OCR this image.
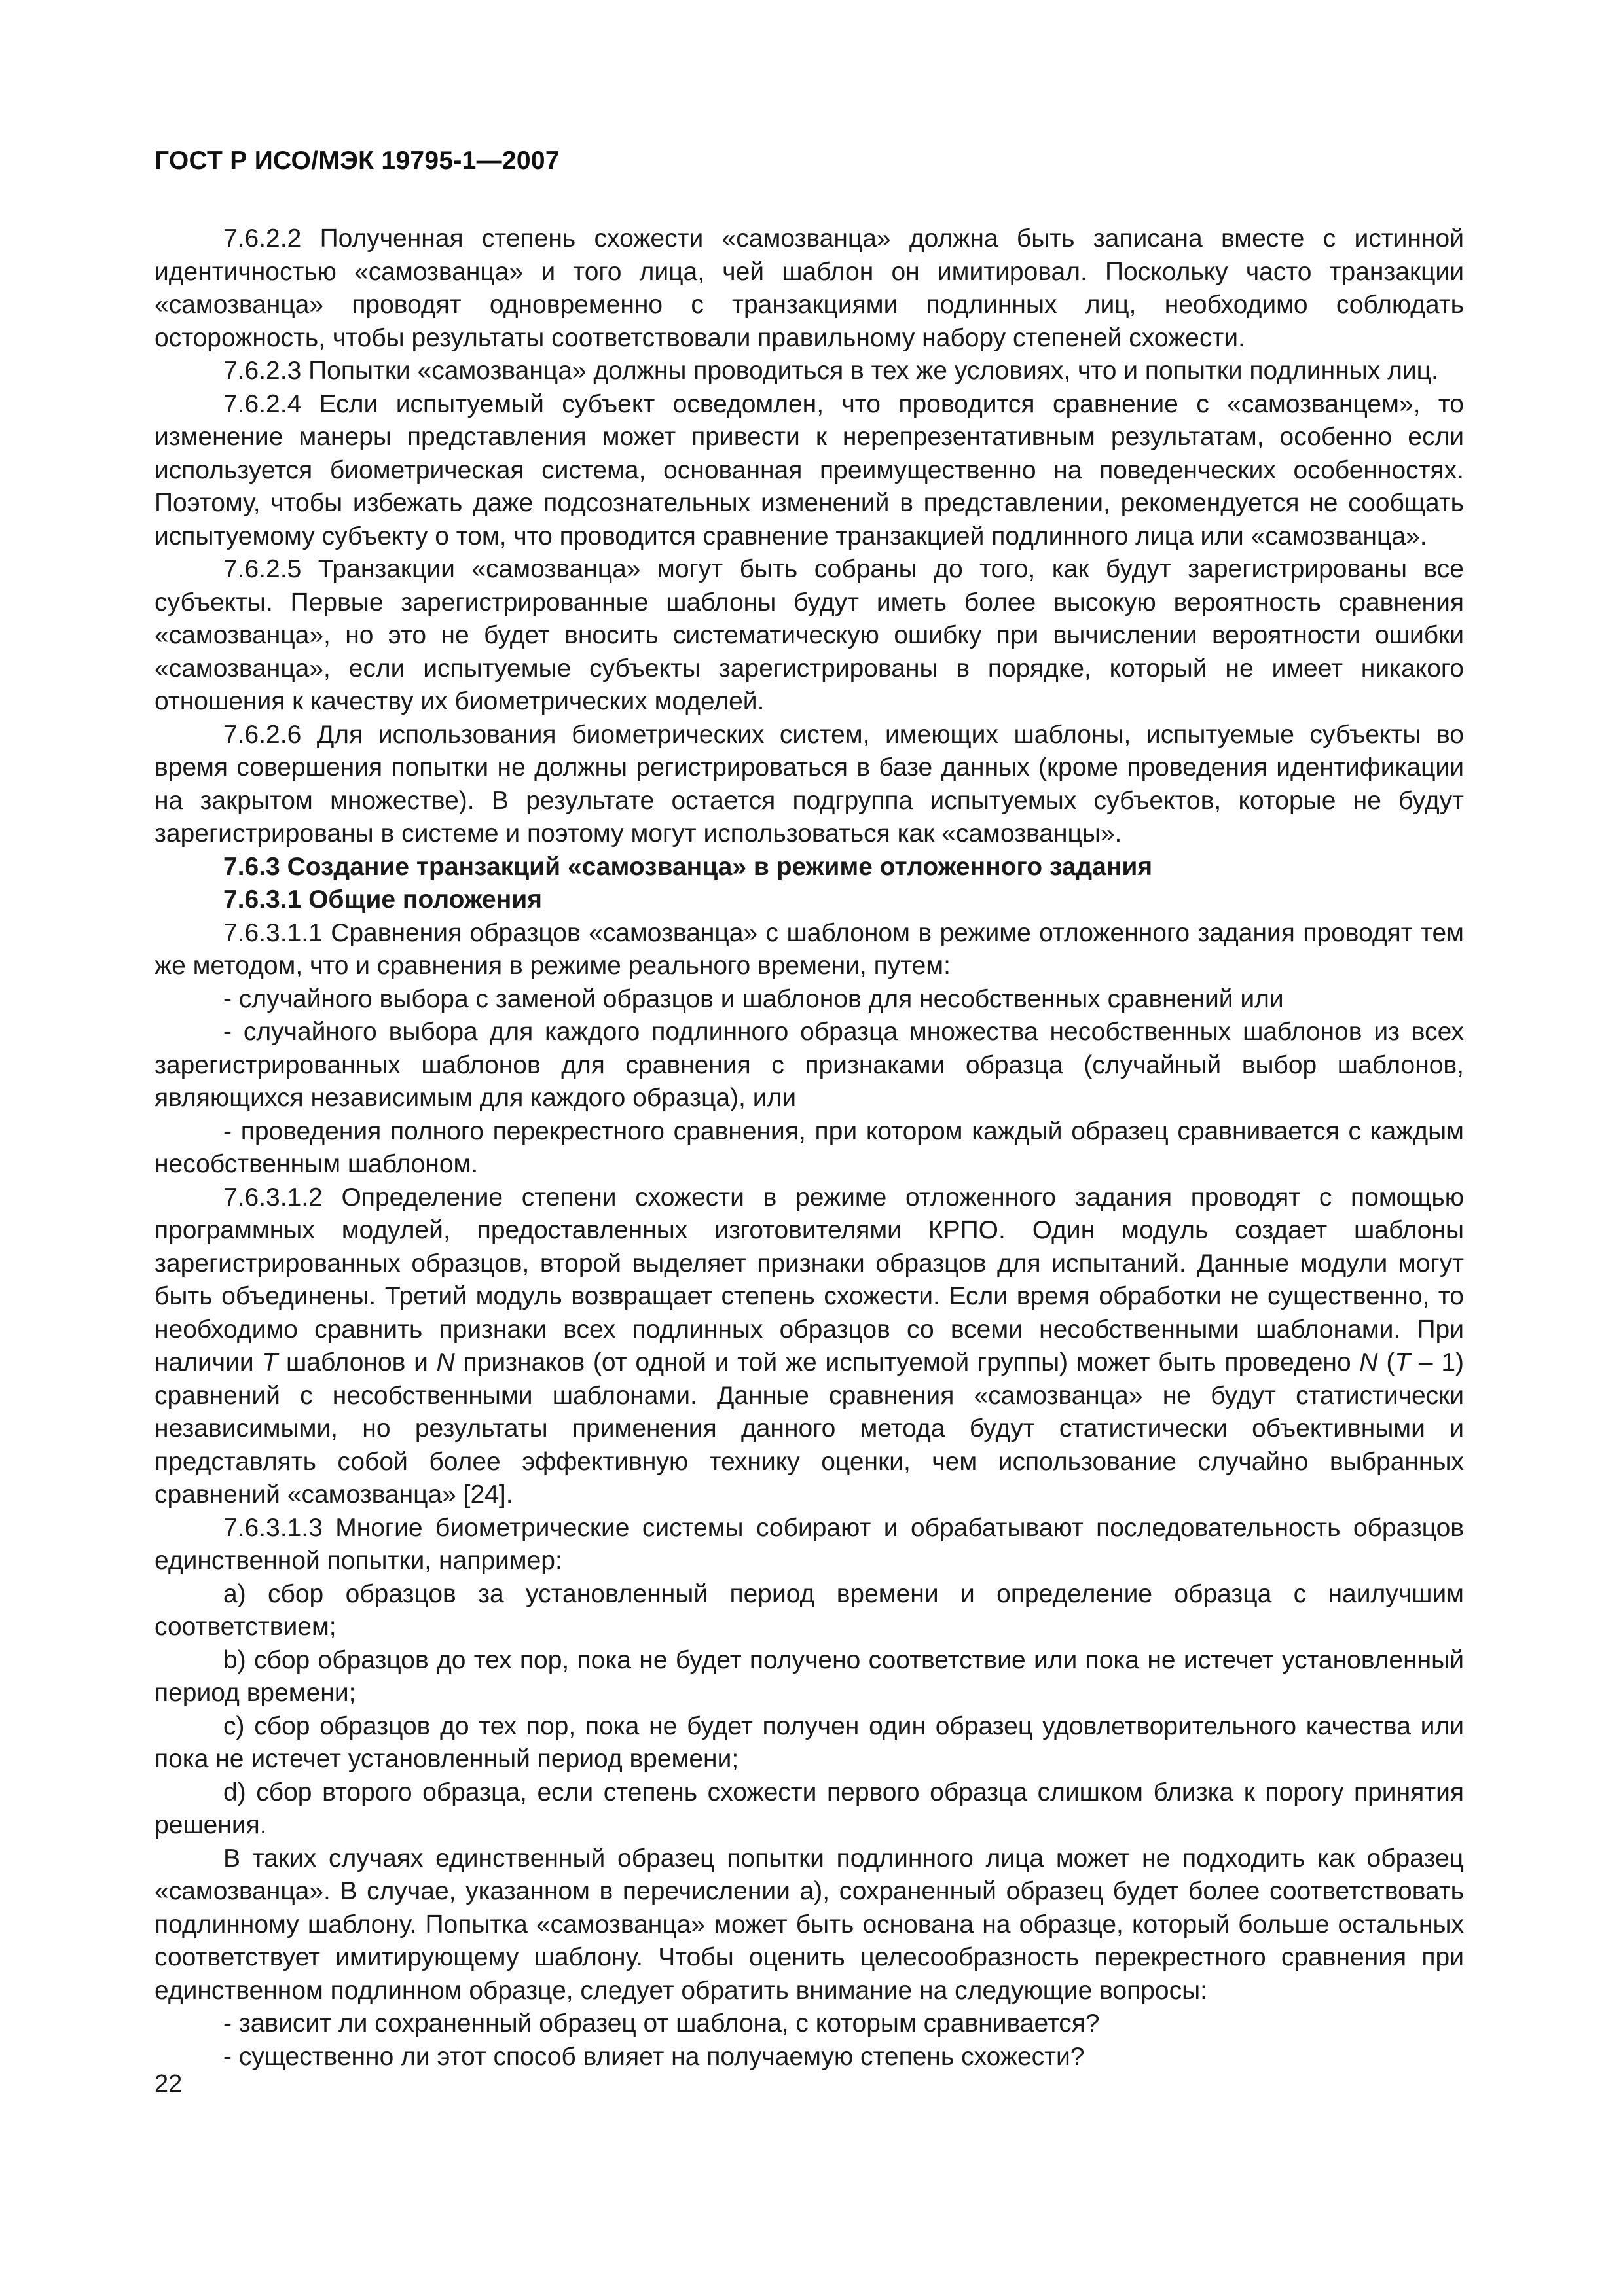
ГОСТ Р ИСО/МЭК 19795-1—2007

7.6.2.2 Полученная степень схожести «самозванца» должна быть записана вместе с истинной идентичностью «самозванца» и того лица, чей шаблон он имитировал. Поскольку часто транзакции «самозванца» проводят одновременно с транзакциями подлинных лиц, необходимо соблюдать осторожность, чтобы результаты соответствовали правильному набору степеней схожести.

7.6.2.3 Попытки «самозванца» должны проводиться в тех же условиях, что и попытки подлинных лиц.

7.6.2.4 Если испытуемый субъект осведомлен, что проводится сравнение с «самозванцем», то изменение манеры представления может привести к нерепрезентативным результатам, особенно если используется биометрическая система, основанная преимущественно на поведенческих особенностях. Поэтому, чтобы избежать даже подсознательных изменений в представлении, рекомендуется не сообщать испытуемому субъекту о том, что проводится сравнение транзакцией подлинного лица или «самозванца».

7.6.2.5 Транзакции «самозванца» могут быть собраны до того, как будут зарегистрированы все субъекты. Первые зарегистрированные шаблоны будут иметь более высокую вероятность сравнения «самозванца», но это не будет вносить систематическую ошибку при вычислении вероятности ошибки «самозванца», если испытуемые субъекты зарегистрированы в порядке, который не имеет никакого отношения к качеству их биометрических моделей.

7.6.2.6 Для использования биометрических систем, имеющих шаблоны, испытуемые субъекты во время совершения попытки не должны регистрироваться в базе данных (кроме проведения идентификации на закрытом множестве). В результате остается подгруппа испытуемых субъектов, которые не будут зарегистрированы в системе и поэтому могут использоваться как «самозванцы».

7.6.3 Создание транзакций «самозванца» в режиме отложенного задания

7.6.3.1 Общие положения

7.6.3.1.1 Сравнения образцов «самозванца» с шаблоном в режиме отложенного задания проводят тем же методом, что и сравнения в режиме реального времени, путем:

- случайного выбора с заменой образцов и шаблонов для несобственных сравнений или

- случайного выбора для каждого подлинного образца множества несобственных шаблонов из всех зарегистрированных шаблонов для сравнения с признаками образца (случайный выбор шаблонов, являющихся независимым для каждого образца), или

- проведения полного перекрестного сравнения, при котором каждый образец сравнивается с каждым несобственным шаблоном.

7.6.3.1.2 Определение степени схожести в режиме отложенного задания проводят с помощью программных модулей, предоставленных изготовителями КРПО. Один модуль создает шаблоны зарегистрированных образцов, второй выделяет признаки образцов для испытаний. Данные модули могут быть объединены. Третий модуль возвращает степень схожести. Если время обработки не существенно, то необходимо сравнить признаки всех подлинных образцов со всеми несобственными шаблонами. При наличии T шаблонов и N признаков (от одной и той же испытуемой группы) может быть проведено N (T – 1) сравнений с несобственными шаблонами. Данные сравнения «самозванца» не будут статистически независимыми, но результаты применения данного метода будут статистически объективными и представлять собой более эффективную технику оценки, чем использование случайно выбранных сравнений «самозванца» [24].

7.6.3.1.3 Многие биометрические системы собирают и обрабатывают последовательность образцов единственной попытки, например:

а) сбор образцов за установленный период времени и определение образца с наилучшим соответствием;

b) сбор образцов до тех пор, пока не будет получено соответствие или пока не истечет установленный период времени;

c) сбор образцов до тех пор, пока не будет получен один образец удовлетворительного качества или пока не истечет установленный период времени;

d) сбор второго образца, если степень схожести первого образца слишком близка к порогу принятия решения.

В таких случаях единственный образец попытки подлинного лица может не подходить как образец «самозванца». В случае, указанном в перечислении а), сохраненный образец будет более соответствовать подлинному шаблону. Попытка «самозванца» может быть основана на образце, который больше остальных соответствует имитирующему шаблону. Чтобы оценить целесообразность перекрестного сравнения при единственном подлинном образце, следует обратить внимание на следующие вопросы:

- зависит ли сохраненный образец от шаблона, с которым сравнивается?

- существенно ли этот способ влияет на получаемую степень схожести?

22
